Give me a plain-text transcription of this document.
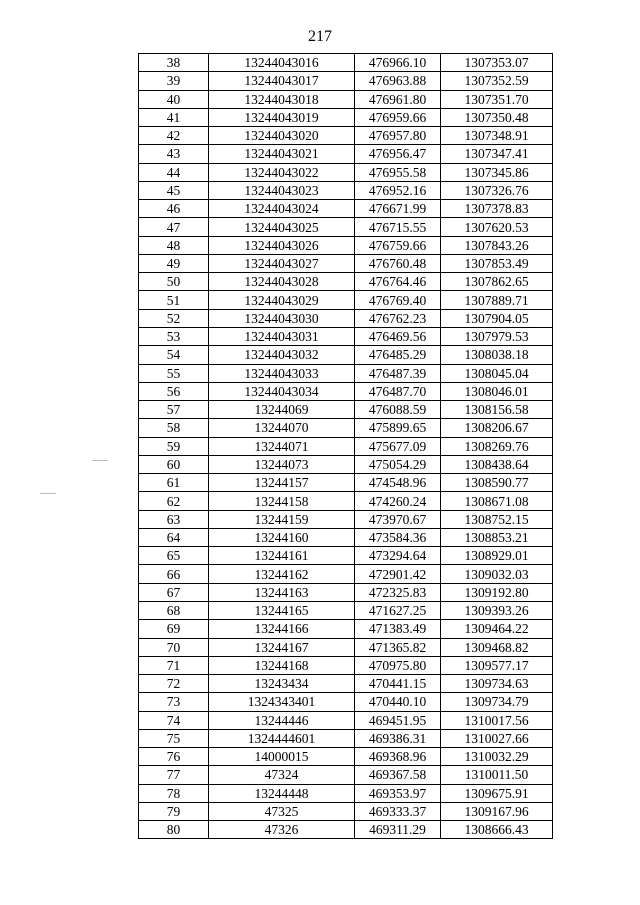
217
38	13244043016	476966.10	1307353.07
39	13244043017	476963.88	1307352.59
40	13244043018	476961.80	1307351.70
41	13244043019	476959.66	1307350.48
42	13244043020	476957.80	1307348.91
43	13244043021	476956.47	1307347.41
44	13244043022	476955.58	1307345.86
45	13244043023	476952.16	1307326.76
46	13244043024	476671.99	1307378.83
47	13244043025	476715.55	1307620.53
48	13244043026	476759.66	1307843.26
49	13244043027	476760.48	1307853.49
50	13244043028	476764.46	1307862.65
51	13244043029	476769.40	1307889.71
52	13244043030	476762.23	1307904.05
53	13244043031	476469.56	1307979.53
54	13244043032	476485.29	1308038.18
55	13244043033	476487.39	1308045.04
56	13244043034	476487.70	1308046.01
57	13244069	476088.59	1308156.58
58	13244070	475899.65	1308206.67
59	13244071	475677.09	1308269.76
60	13244073	475054.29	1308438.64
61	13244157	474548.96	1308590.77
62	13244158	474260.24	1308671.08
63	13244159	473970.67	1308752.15
64	13244160	473584.36	1308853.21
65	13244161	473294.64	1308929.01
66	13244162	472901.42	1309032.03
67	13244163	472325.83	1309192.80
68	13244165	471627.25	1309393.26
69	13244166	471383.49	1309464.22
70	13244167	471365.82	1309468.82
71	13244168	470975.80	1309577.17
72	13243434	470441.15	1309734.63
73	1324343401	470440.10	1309734.79
74	13244446	469451.95	1310017.56
75	1324444601	469386.31	1310027.66
76	14000015	469368.96	1310032.29
77	47324	469367.58	1310011.50
78	13244448	469353.97	1309675.91
79	47325	469333.37	1309167.96
80	47326	469311.29	1308666.43
